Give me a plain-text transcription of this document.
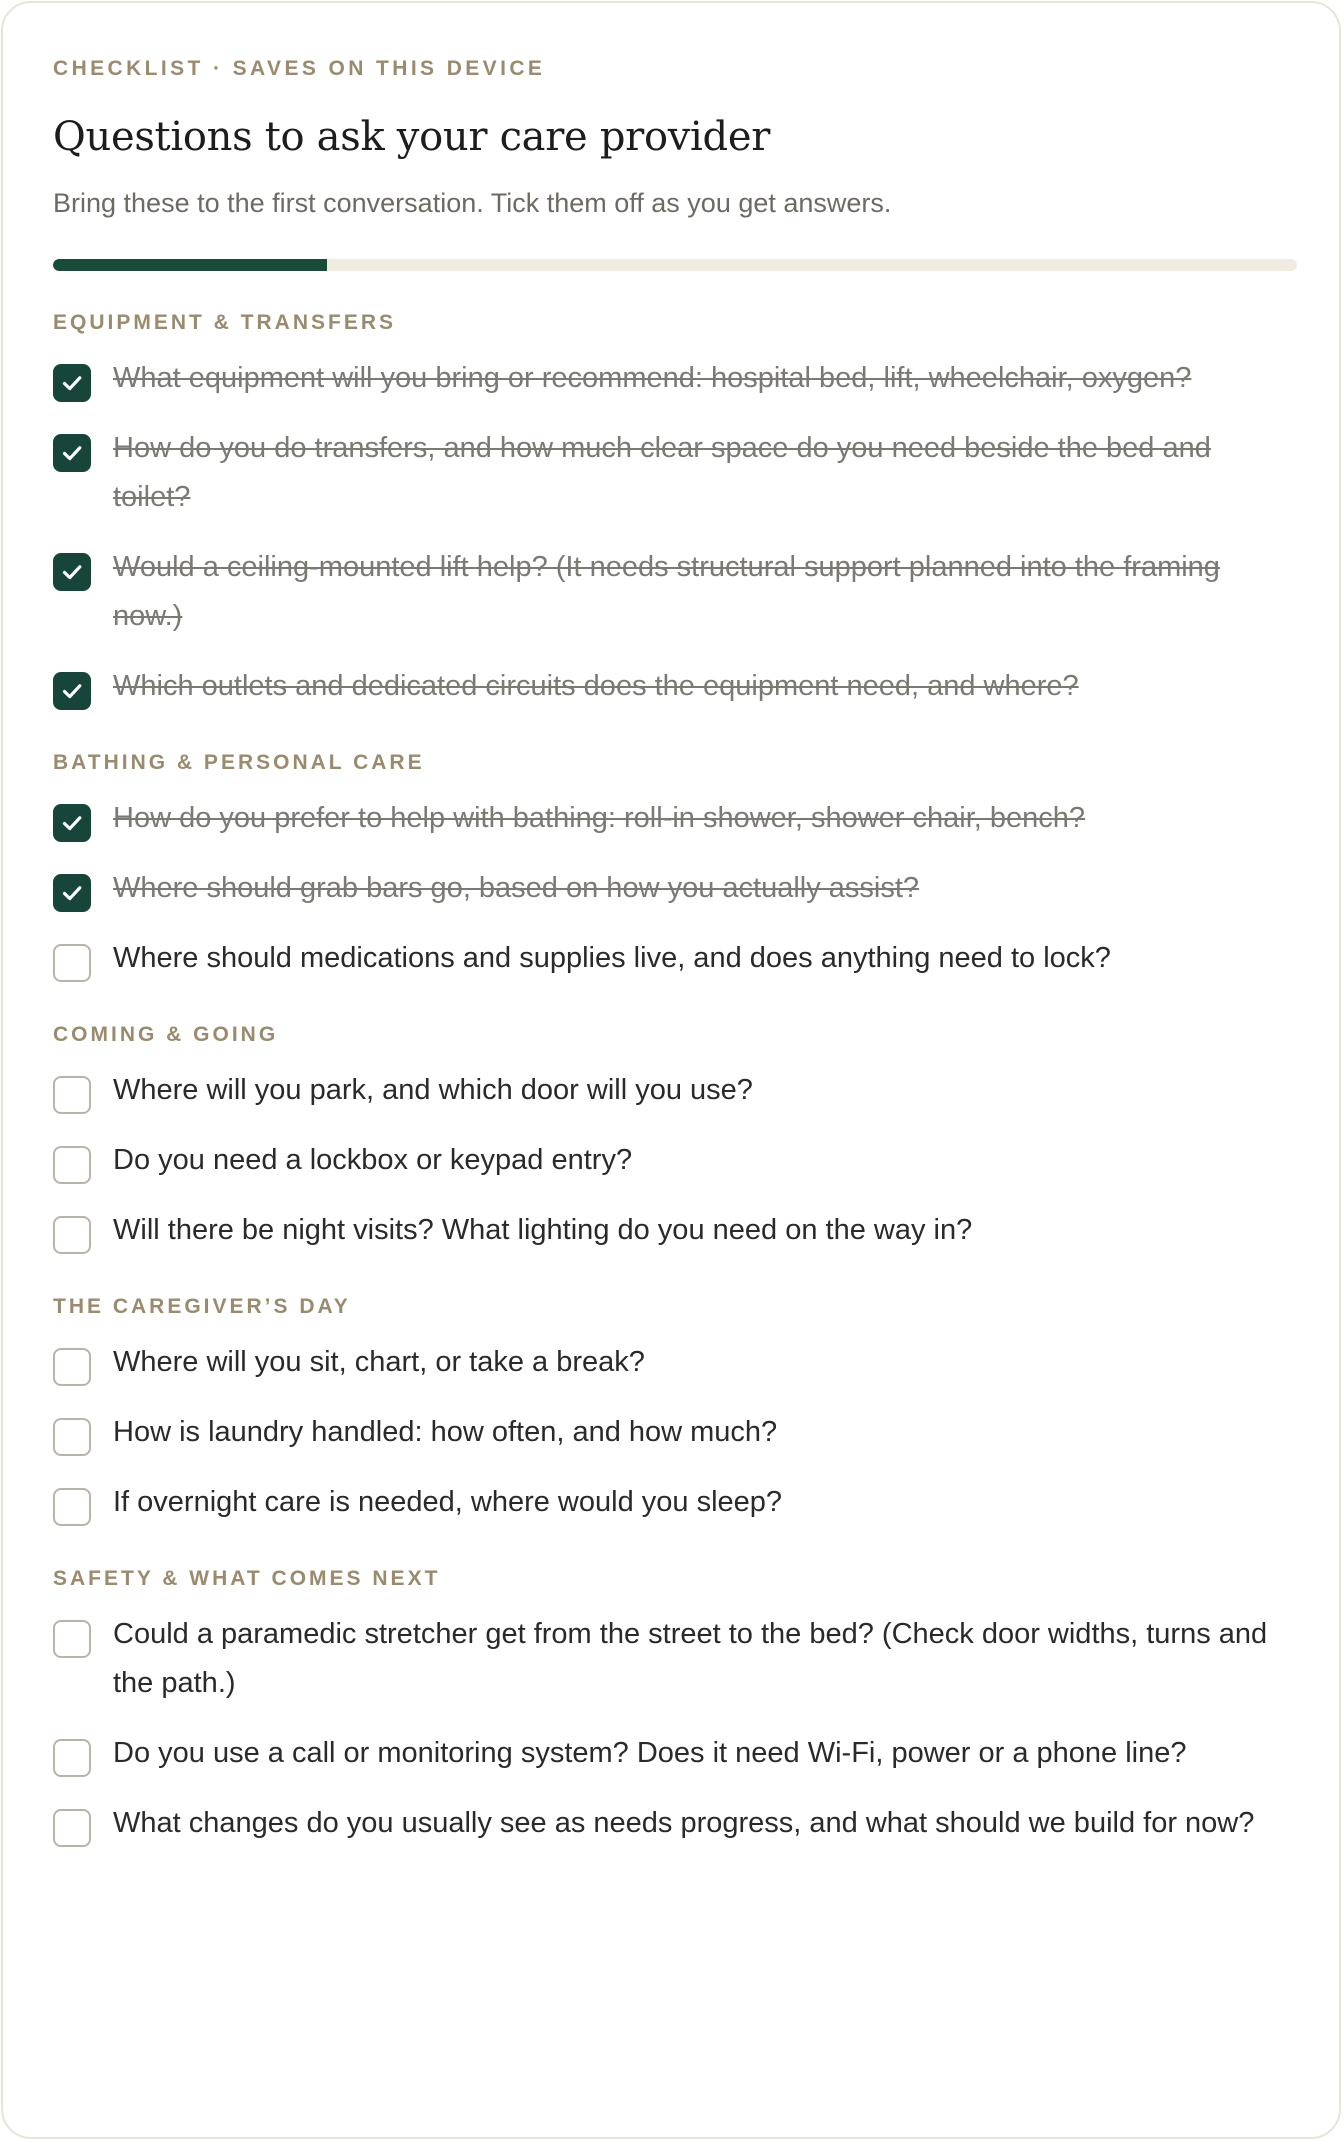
CHECKLIST · SAVES ON THIS DEVICE

Questions to ask your care provider

Bring these to the first conversation. Tick them off as you get answers.

EQUIPMENT & TRANSFERS
What equipment will you bring or recommend: hospital bed, lift, wheelchair, oxygen?
How do you do transfers, and how much clear space do you need beside the bed and toilet?
Would a ceiling-mounted lift help? (It needs structural support planned into the framing now.)
Which outlets and dedicated circuits does the equipment need, and where?
BATHING & PERSONAL CARE
How do you prefer to help with bathing: roll-in shower, shower chair, bench?
Where should grab bars go, based on how you actually assist?
Where should medications and supplies live, and does anything need to lock?
COMING & GOING
Where will you park, and which door will you use?
Do you need a lockbox or keypad entry?
Will there be night visits? What lighting do you need on the way in?
THE CAREGIVER’S DAY
Where will you sit, chart, or take a break?
How is laundry handled: how often, and how much?
If overnight care is needed, where would you sleep?
SAFETY & WHAT COMES NEXT
Could a paramedic stretcher get from the street to the bed? (Check door widths, turns and the path.)
Do you use a call or monitoring system? Does it need Wi-Fi, power or a phone line?
What changes do you usually see as needs progress, and what should we build for now?
